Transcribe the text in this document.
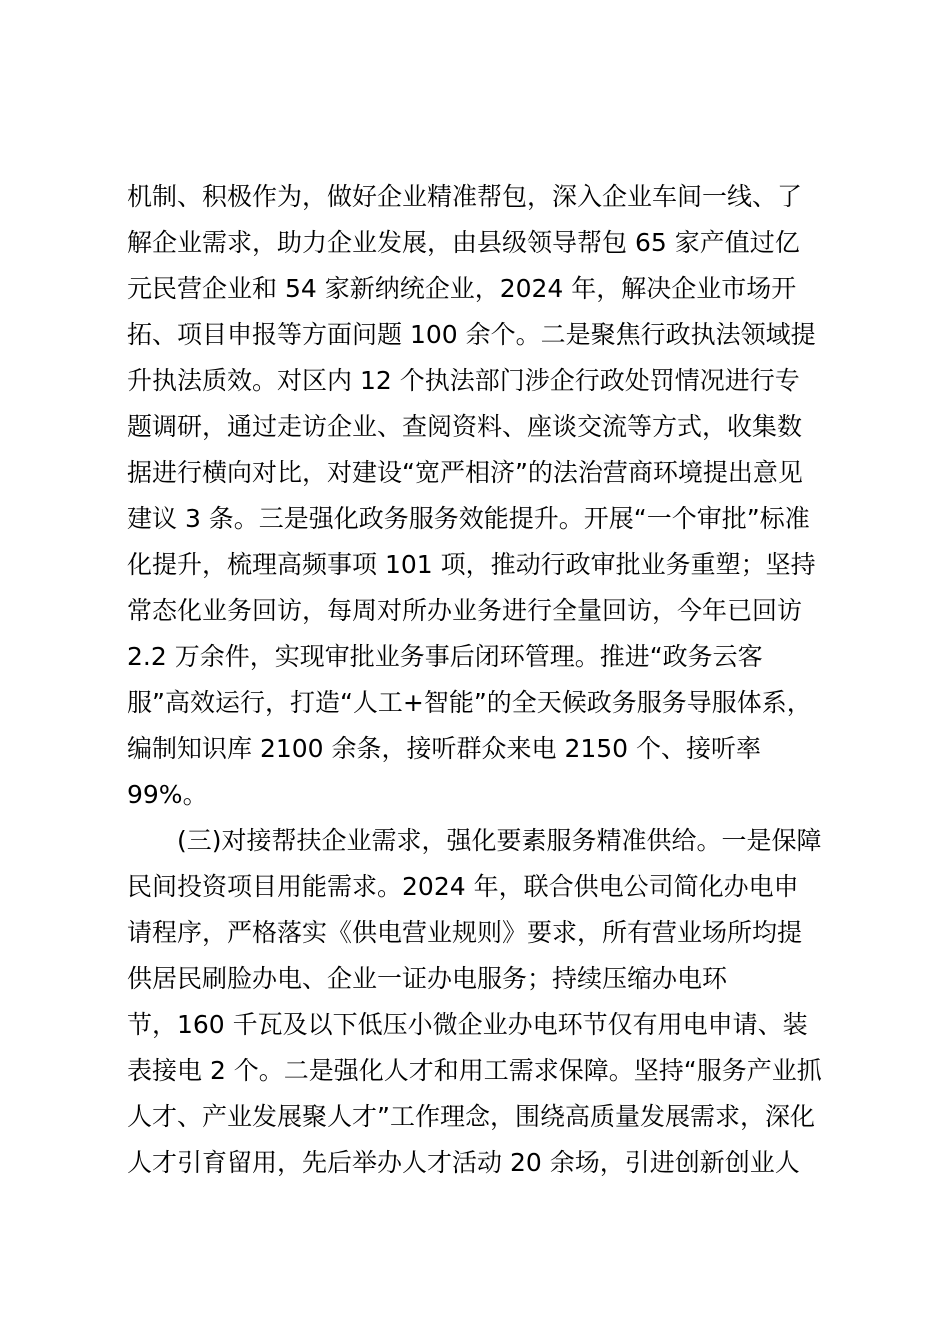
机制、积极作为，做好企业精准帮包，深入企业车间一线、了
解企业需求，助力企业发展，由县级领导帮包 65 家产值过亿
元民营企业和 54 家新纳统企业，2024 年，解决企业市场开
拓、项目申报等方面问题 100 余个。二是聚焦行政执法领域提
升执法质效。对区内 12 个执法部门涉企行政处罚情况进行专
题调研，通过走访企业、查阅资料、座谈交流等方式，收集数
据进行横向对比，对建设“宽严相济”的法治营商环境提出意见
建议 3 条。三是强化政务服务效能提升。开展“一个审批”标准
化提升，梳理高频事项 101 项，推动行政审批业务重塑；坚持
常态化业务回访，每周对所办业务进行全量回访，今年已回访
2.2 万余件，实现审批业务事后闭环管理。推进“政务云客
服”高效运行，打造“人工+智能”的全天候政务服务导服体系，
编制知识库 2100 余条，接听群众来电 2150 个、接听率
99%。
(三)对接帮扶企业需求，强化要素服务精准供给。一是保障
民间投资项目用能需求。2024 年，联合供电公司简化办电申
请程序，严格落实《供电营业规则》要求，所有营业场所均提
供居民刷脸办电、企业一证办电服务；持续压缩办电环
节，160 千瓦及以下低压小微企业办电环节仅有用电申请、装
表接电 2 个。二是强化人才和用工需求保障。坚持“服务产业抓
人才、产业发展聚人才”工作理念，围绕高质量发展需求，深化
人才引育留用，先后举办人才活动 20 余场，引进创新创业人
